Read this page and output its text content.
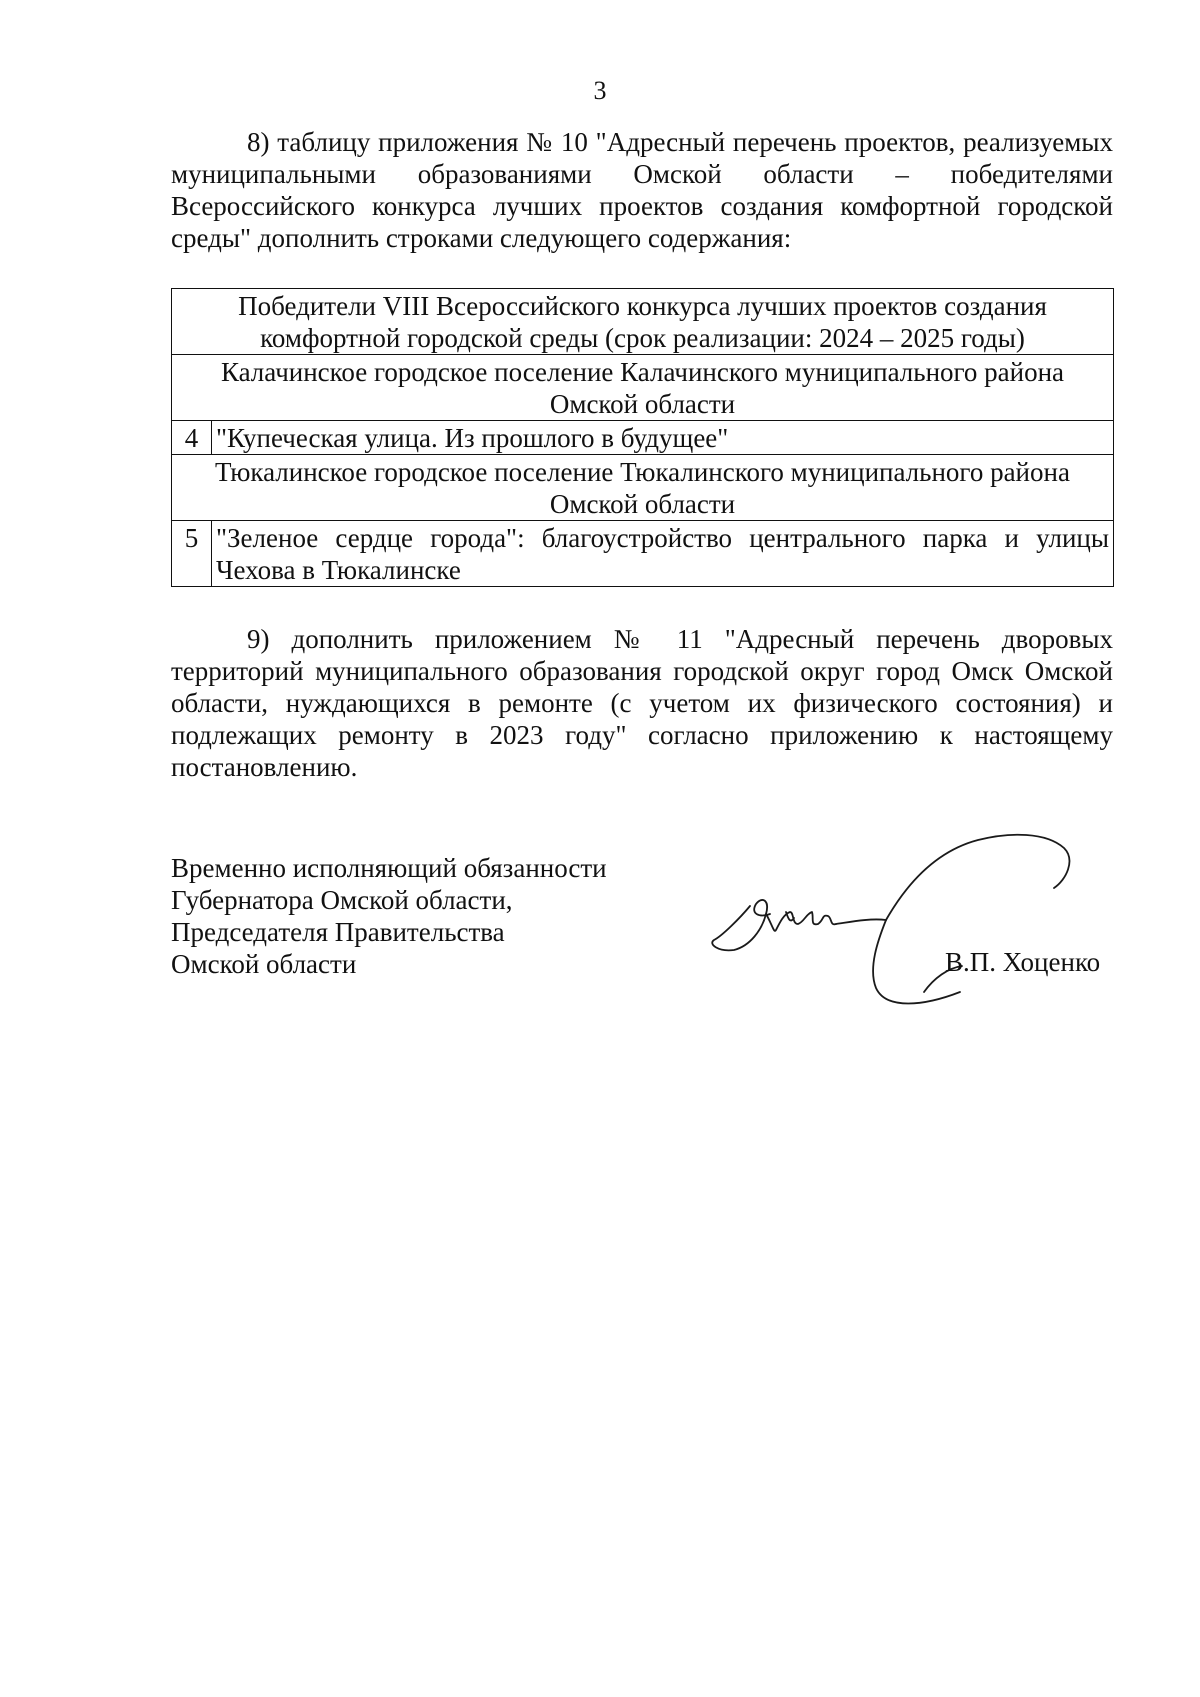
3

8) таблицу приложения № 10 "Адресный перечень проектов, реализуемых муниципальными образованиями Омской области – победителями Всероссийского конкурса лучших проектов создания комфортной городской среды" дополнить строками следующего содержания:

Победители VIII Всероссийского конкурса лучших проектов создания комфортной городской среды (срок реализации: 2024 – 2025 годы)	
Калачинское городское поселение Калачинского муниципального района Омской области	
4	"Купеческая улица. Из прошлого в будущее"
Тюкалинское городское поселение Тюкалинского муниципального района Омской области	
5	"Зеленое сердце города": благоустройство центрального парка и улицы Чехова в Тюкалинске

9) дополнить приложением № 11 "Адресный перечень дворовых территорий муниципального образования городской округ город Омск Омской области, нуждающихся в ремонте (с учетом их физического состояния) и подлежащих ремонту в 2023 году" согласно приложению к настоящему постановлению.

Временно исполняющий обязанности
Губернатора Омской области,
Председателя Правительства
Омской области	В.П. Хоценко
